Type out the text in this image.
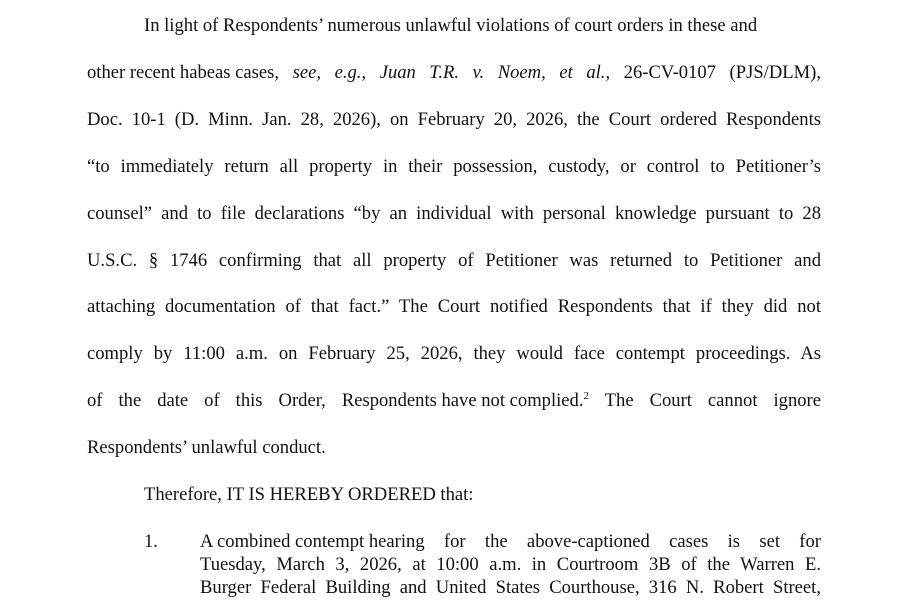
In light of Respondents’ numerous unlawful violations of court orders in these and
other recent habeas cases, see, e.g., Juan T.R. v. Noem, et al., 26-CV-0107 (PJS/DLM),
Doc. 10-1 (D. Minn. Jan. 28, 2026), on February 20, 2026, the Court ordered Respondents
“to immediately return all property in their possession, custody, or control to Petitioner’s
counsel” and to file declarations “by an individual with personal knowledge pursuant to 28
U.S.C. § 1746 confirming that all property of Petitioner was returned to Petitioner and
attaching documentation of that fact.” The Court notified Respondents that if they did not
comply by 11:00 a.m. on February 25, 2026, they would face contempt proceedings. As
of the date of this Order, Respondents have not complied.$^2$ The Court cannot ignore
Respondents’ unlawful conduct.
Therefore, IT IS HEREBY ORDERED that:
1. A combined contempt hearing for the above-captioned cases is set for
Tuesday, March 3, 2026, at 10:00 a.m. in Courtroom 3B of the Warren E.
Burger Federal Building and United States Courthouse, 316 N. Robert Street,
